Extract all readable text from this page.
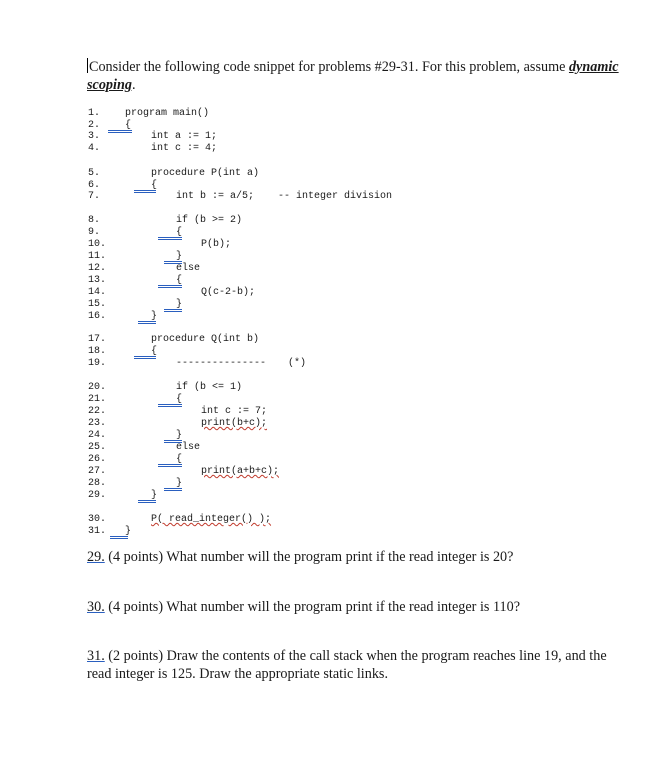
Consider the following code snippet for problems #29-31. For this problem, assume dynamic scoping.
1. program main()
2. {
3.	int a := 1;
4.	int c := 4;
5.	procedure P(int a)
6.	{
7.	int b := a/5; -- integer division
8.	if (b >= 2)
9.	{
10.	P(b);
11.	}
12.	else
13.	{
14.	Q(c-2-b);
15.	}
16.	}
17.	procedure Q(int b)
18.	{
19.	--------------- (*)
20.	if (b <= 1)
21.	{
22.	int c := 7;
23.	print(b+c);
24.	}
25.	else
26.	{
27.	print(a+b+c);
28.	}
29.	}
30.	P( read_integer() );
31. }
29. (4 points) What number will the program print if the read integer is 20?
30. (4 points) What number will the program print if the read integer is 110?
31. (2 points) Draw the contents of the call stack when the program reaches line 19, and the read integer is 125. Draw the appropriate static links.
